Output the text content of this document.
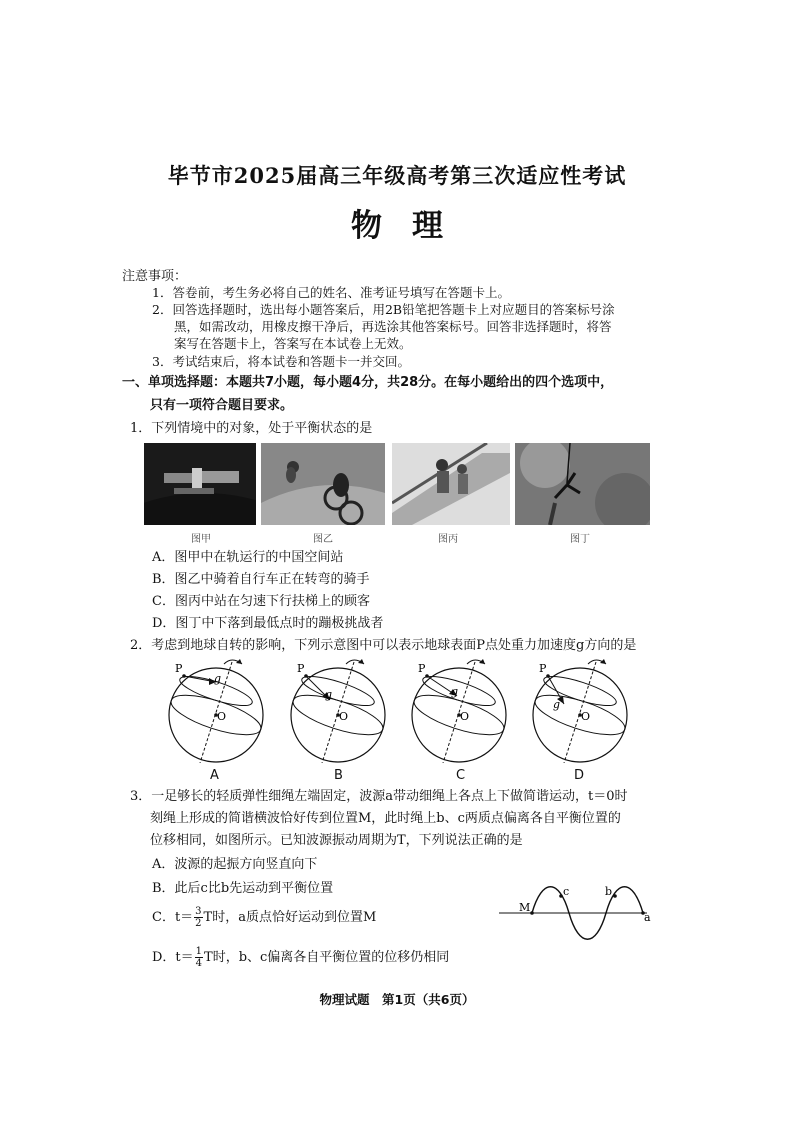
毕节市2025届高三年级高考第三次适应性考试
物理
注意事项：
1．答卷前，考生务必将自己的姓名、准考证号填写在答题卡上。
2．回答选择题时，选出每小题答案后，用2B铅笔把答题卡上对应题目的答案标号涂
黑，如需改动，用橡皮擦干净后，再选涂其他答案标号。回答非选择题时，将答
案写在答题卡上，答案写在本试卷上无效。
3．考试结束后，将本试卷和答题卡一并交回。
一、单项选择题：本题共7小题，每小题4分，共28分。在每小题给出的四个选项中，
只有一项符合题目要求。
1．下列情境中的对象，处于平衡状态的是
图甲	图乙	图丙	图丁
A．图甲中在轨运行的中国空间站
B．图乙中骑着自行车正在转弯的骑手
C．图丙中站在匀速下行扶梯上的顾客
D．图丁中下落到最低点时的蹦极挑战者
2．考虑到地球自转的影响，下列示意图中可以表示地球表面P点处重力加速度g方向的是
P
g
O
P
g
O
P
g
O
P
g
O
A	B	C	D
3．一足够长的轻质弹性细绳左端固定，波源a带动细绳上各点上下做简谐运动，t＝0时
刻绳上形成的简谐横波恰好传到位置M，此时绳上b、c两质点偏离各自平衡位置的
位移相同，如图所示。已知波源振动周期为T，下列说法正确的是
A．波源的起振方向竖直向下
B．此后c比b先运动到平衡位置
C．$t= \frac{3}{2}$ T时，a质点恰好运动到位置M
D．$t= \frac{1}{4}$ T时，b、c偏离各自平衡位置的位移仍相同
M
c	b
a
物理试题　第1页（共6页）
